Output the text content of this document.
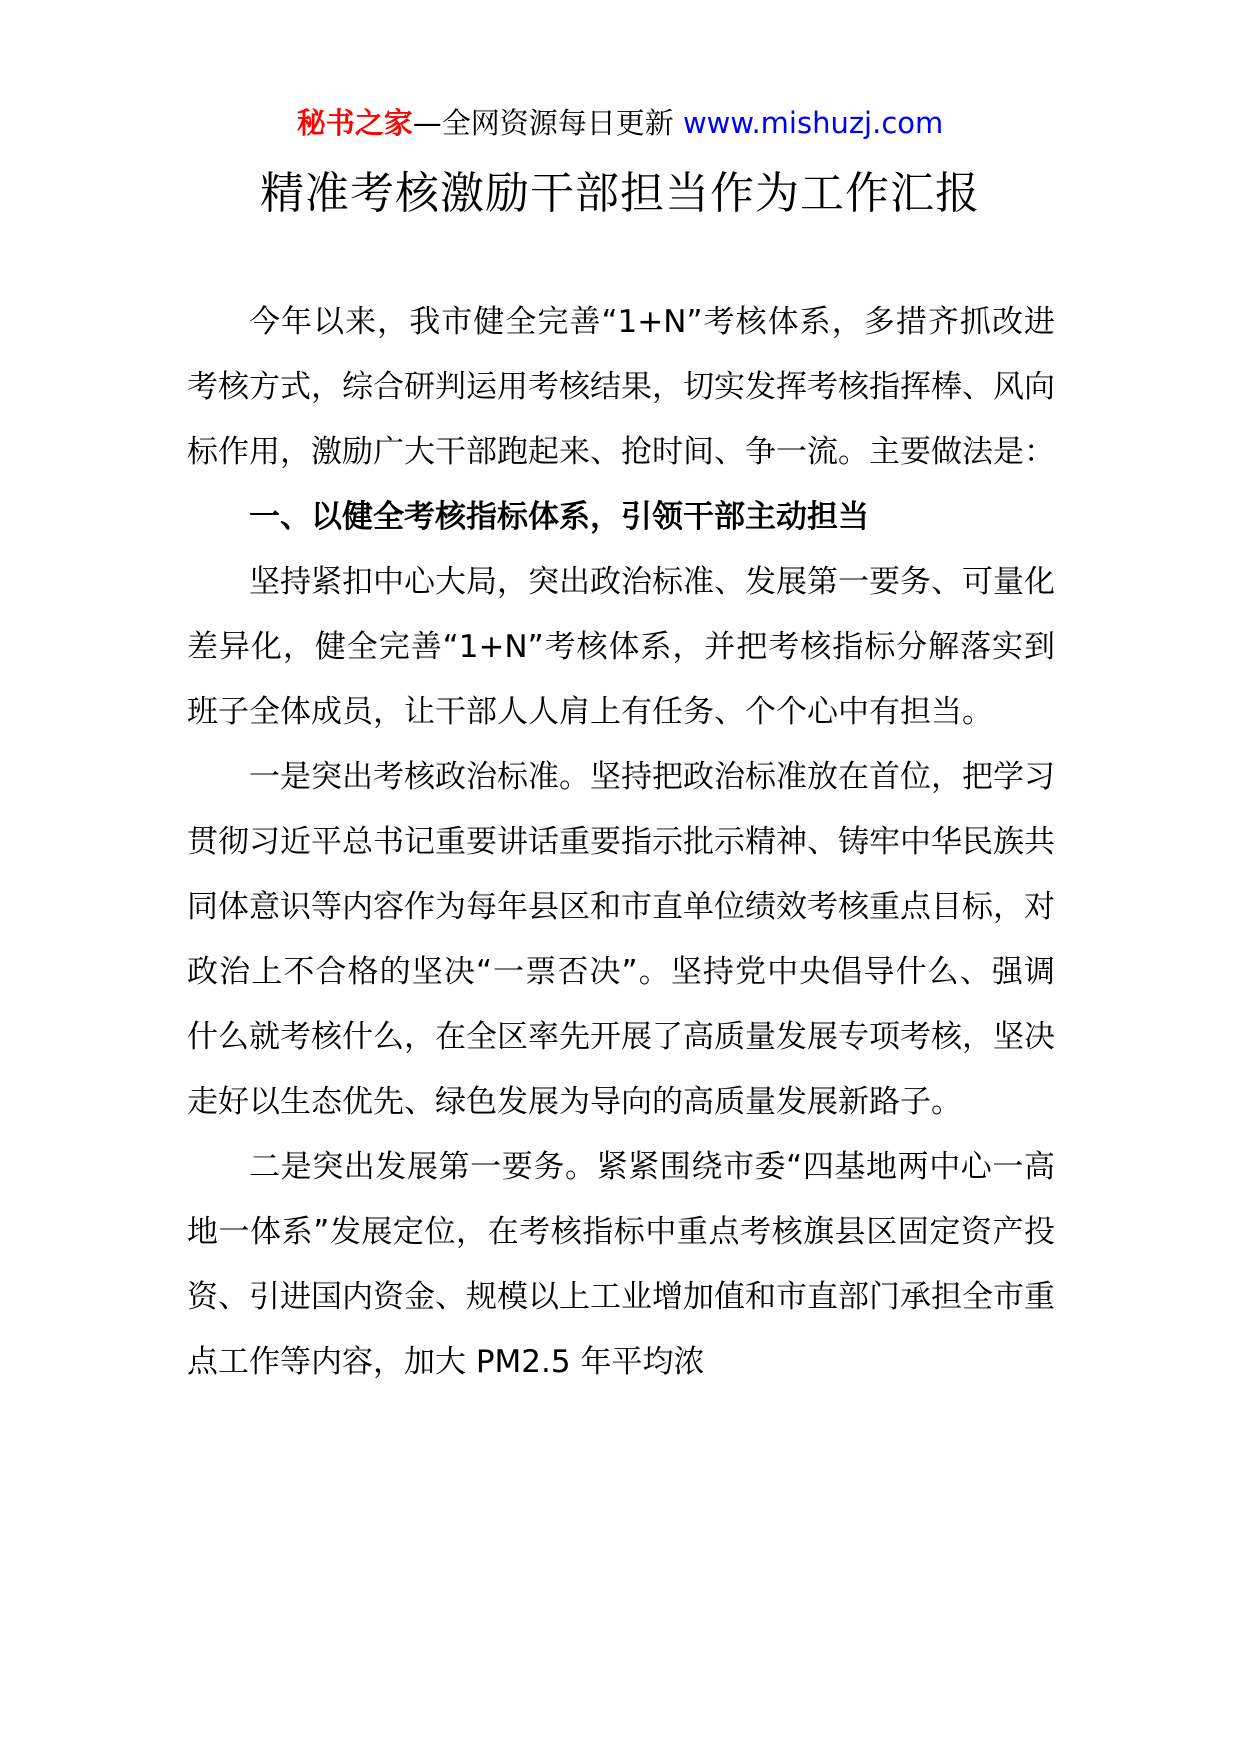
秘书之家—全网资源每日更新 www.mishuzj.com
精准考核激励干部担当作为工作汇报

今年以来，我市健全完善“1+N”考核体系，多措齐抓改进考核方式，综合研判运用考核结果，切实发挥考核指挥棒、风向标作用，激励广大干部跑起来、抢时间、争一流。主要做法是：

一、以健全考核指标体系，引领干部主动担当

坚持紧扣中心大局，突出政治标准、发展第一要务、可量化差异化，健全完善“1+N”考核体系，并把考核指标分解落实到班子全体成员，让干部人人肩上有任务、个个心中有担当。

一是突出考核政治标准。坚持把政治标准放在首位，把学习贯彻习近平总书记重要讲话重要指示批示精神、铸牢中华民族共同体意识等内容作为每年县区和市直单位绩效考核重点目标，对政治上不合格的坚决“一票否决”。坚持党中央倡导什么、强调什么就考核什么，在全区率先开展了高质量发展专项考核，坚决走好以生态优先、绿色发展为导向的高质量发展新路子。

二是突出发展第一要务。紧紧围绕市委“四基地两中心一高地一体系”发展定位，在考核指标中重点考核旗县区固定资产投资、引进国内资金、规模以上工业增加值和市直部门承担全市重点工作等内容，加大 PM2.5 年平均浓
